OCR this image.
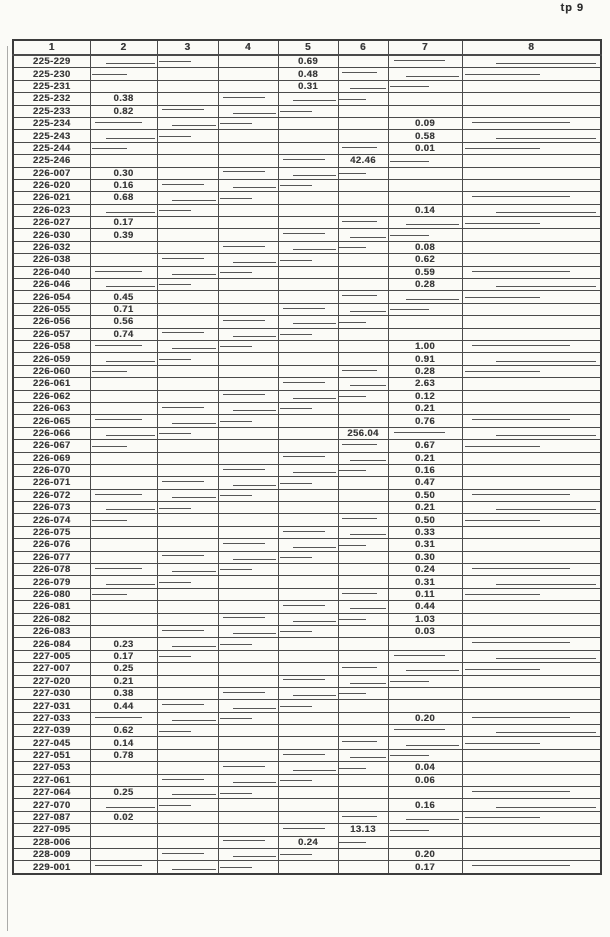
tp 9
1	2	3	4	5	6	7	8
225-229				0.69			
225-230				0.48			
225-231				0.31			
225-232	0.38						
225-233	0.82						
225-234						0.09	
225-243						0.58	
225-244						0.01	
225-246					42.46		
226-007	0.30						
226-020	0.16						
226-021	0.68						
226-023						0.14	
226-027	0.17						
226-030	0.39						
226-032						0.08	
226-038						0.62	
226-040						0.59	
226-046						0.28	
226-054	0.45						
226-055	0.71						
226-056	0.56						
226-057	0.74						
226-058						1.00	
226-059						0.91	
226-060						0.28	
226-061						2.63	
226-062						0.12	
226-063						0.21	
226-065						0.76	
226-066					256.04		
226-067						0.67	
226-069						0.21	
226-070						0.16	
226-071						0.47	
226-072						0.50	
226-073						0.21	
226-074						0.50	
226-075						0.33	
226-076						0.31	
226-077						0.30	
226-078						0.24	
226-079						0.31	
226-080						0.11	
226-081						0.44	
226-082						1.03	
226-083						0.03	
226-084	0.23						
227-005	0.17						
227-007	0.25						
227-020	0.21						
227-030	0.38						
227-031	0.44						
227-033						0.20	
227-039	0.62						
227-045	0.14						
227-051	0.78						
227-053						0.04	
227-061						0.06	
227-064	0.25						
227-070						0.16	
227-087	0.02						
227-095					13.13		
228-006				0.24			
228-009						0.20	
229-001						0.17	
